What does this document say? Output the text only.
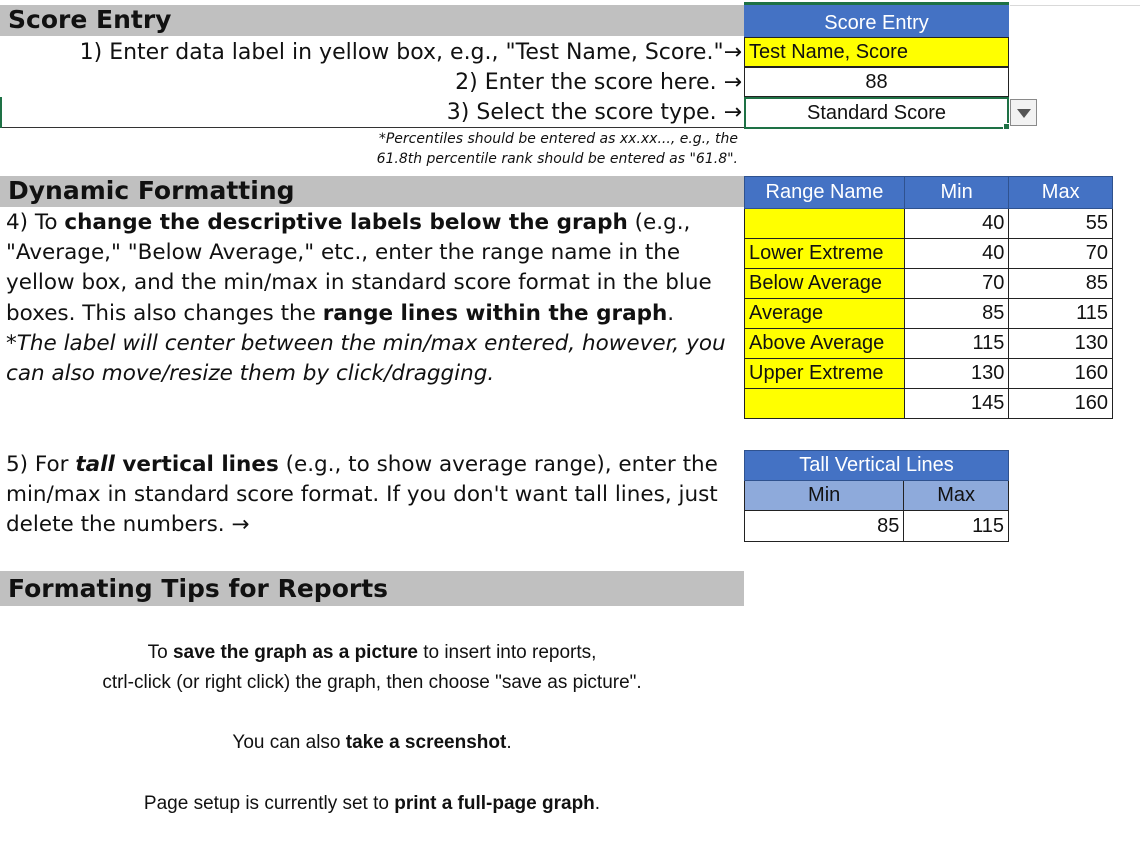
Score Entry
1) Enter data label in yellow box, e.g., "Test Name, Score."→
2) Enter the score here. →
3) Select the score type. →
*Percentiles should be entered as xx.xx..., e.g., the
61.8th percentile rank should be entered as "61.8".
Score Entry
Test Name, Score
88
Standard Score
Dynamic Formatting
4) To change the descriptive labels below the graph (e.g., "Average," "Below Average," etc., enter the range name in the yellow box, and the min/max in standard score format in the blue boxes. This also changes the range lines within the graph.
*The label will center between the min/max entered, however, you can also move/resize them by click/dragging.
5) For tall vertical lines (e.g., to show average range), enter the min/max in standard score format. If you don't want tall lines, just delete the numbers. →
Range Name	Min	Max
	40	55
Lower Extreme	40	70
Below Average	70	85
Average	85	115
Above Average	115	130
Upper Extreme	130	160
	145	160
Tall Vertical Lines	
Min	Max
85	115
Formating Tips for Reports
To save the graph as a picture to insert into reports,
ctrl-click (or right click) the graph, then choose "save as picture".
You can also take a screenshot.
Page setup is currently set to print a full-page graph.
